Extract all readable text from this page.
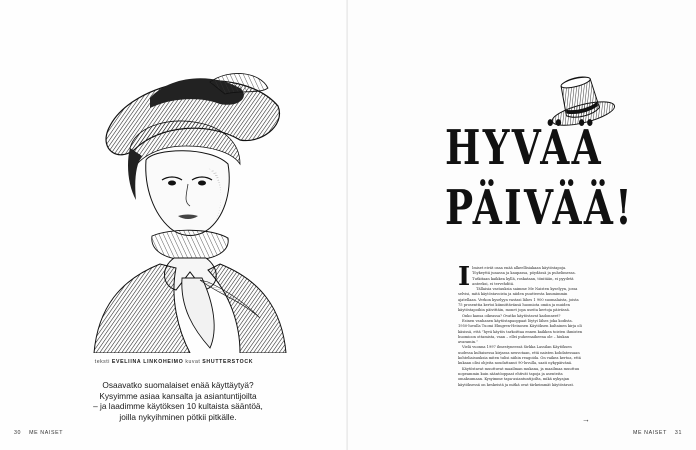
teksti EVELIINA LINKOHEIMO kuvat SHUTTERSTOCK
Osaavatko suomalaiset enää käyttäytyä?
Kysyimme asiaa kansalta ja asiantuntijoilta
– ja laadimme käytöksen 10 kultaista sääntöä,
joilla nykyihminen pötkii pitkälle.
30 ME NAISET
HYVÄÄ
PÄIVÄÄ!

Ilmiset eivät osaa enää alkeellisiakaan käytöstapoja. Töykeyttä junassa ja kaupassa, pöydässä ja puhelimessa. Tutkitaan kaikkea kyllä, roskataan, tönitään, ei pyydetä anteeksi, ei tervehditä.

Tällaisia vastauksia saimme Me Naisten kyselyyn, jossa selvisi, mitä käytöstavoista ja niiden puutteesta kuumimmin ajatellaan. Verkon kyselyyn vastasi lähes 1 900 suomalaista, joista 75 prosenttia kertoi kiinnittävänsä huomiota omiin ja muiden käytöstapoihin päivittäin, monet jopa useita kertoja päivässä.

Onko kansa oikeassa? Ovatko käytöstavat kadonneet?

Esinen vanhanen käytöstapaoppaat löytyi lähes joka kodista. 1950-luvulla Tuomi Elmgren-Heinosen Käytöksen kultainen kirja oli käsissä, että ”hyvä käytös tarkoittaa ennen kaikkea toisten ihmisten huomioon ottamista, vaan – ellei puheenaiheena ole – hiukan avaramin.”

Vielä vuonna 1997 ilmestyneessä Sirkka Lassilan Käytöksen uudessa kultaisessa kirjassa neuvotaan, että naisten kohdatessaan kohteliaisuuksia miten tulisi niihin reagoida. On vaikea kertoa, että kukaan olisi ohjeita noudattanut 90-luvulla, saati nykypäivänä.

Käytöstavat muuttuvat maailman mukana, ja maailmaa muuttuu nopeammin kuin sääntöoppaat ehtivät tapoja ja asenteita omaksumaan. Kysyimme tapa-asiantuntijoilta, mikä nykyajan käytöksessä on keskeistä ja mitkä ovat tärkeimmät käytöstavat.

→
ME NAISET 31
